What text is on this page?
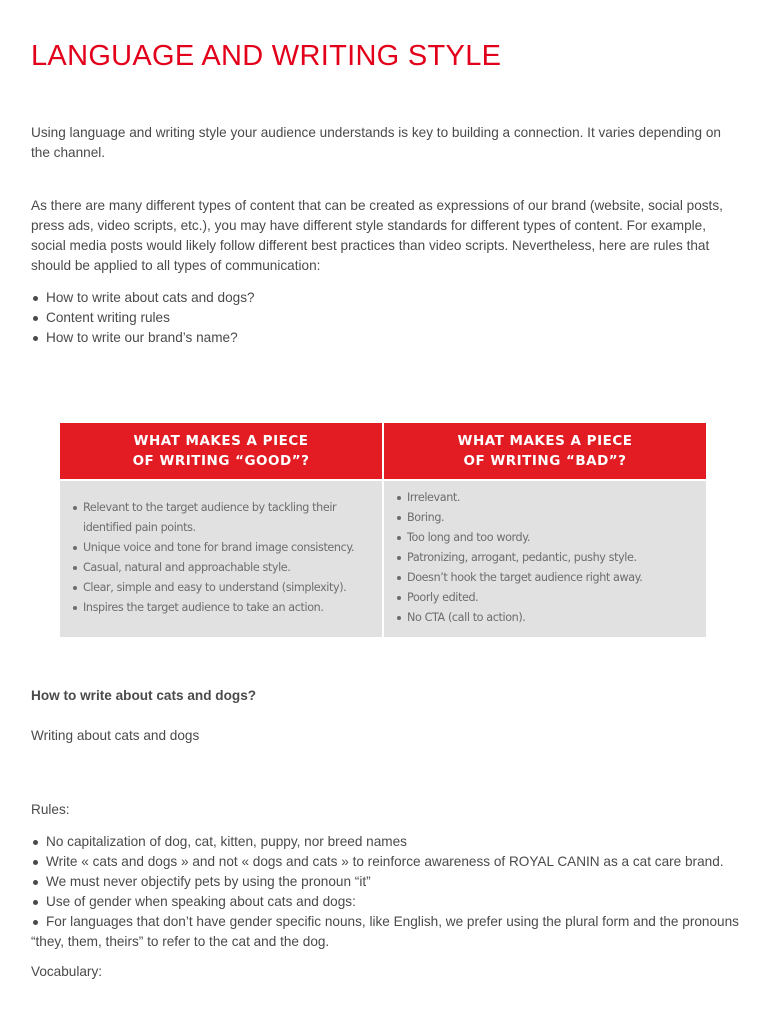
LANGUAGE AND WRITING STYLE

Using language and writing style your audience understands is key to building a connection. It varies depending on the channel.

As there are many different types of content that can be created as expressions of our brand (website, social posts, press ads, video scripts, etc.), you may have different style standards for different types of content. For example, social media posts would likely follow different best practices than video scripts. Nevertheless, here are rules that should be applied to all types of communication:

How to write about cats and dogs?
Content writing rules
How to write our brand’s name?

How to write about cats and dogs?

Writing about cats and dogs

Rules:

No capitalization of dog, cat, kitten, puppy, nor breed names
Write « cats and dogs » and not « dogs and cats » to reinforce awareness of ROYAL CANIN as a cat care brand.
We must never objectify pets by using the pronoun “it”
Use of gender when speaking about cats and dogs:
For languages that don’t have gender specific nouns, like English, we prefer using the plural form and the pronouns “they, them, theirs” to refer to the cat and the dog.

Vocabulary:

WHAT MAKES A PIECE
OF WRITING “GOOD”?
Relevant to the target audience by tackling their identified pain points.
Unique voice and tone for brand image consistency.
Casual, natural and approachable style.
Clear, simple and easy to understand (simplexity).
Inspires the target audience to take an action.
WHAT MAKES A PIECE
OF WRITING “BAD”?
Irrelevant.
Boring.
Too long and too wordy.
Patronizing, arrogant, pedantic, pushy style.
Doesn’t hook the target audience right away.
Poorly edited.
No CTA (call to action).
